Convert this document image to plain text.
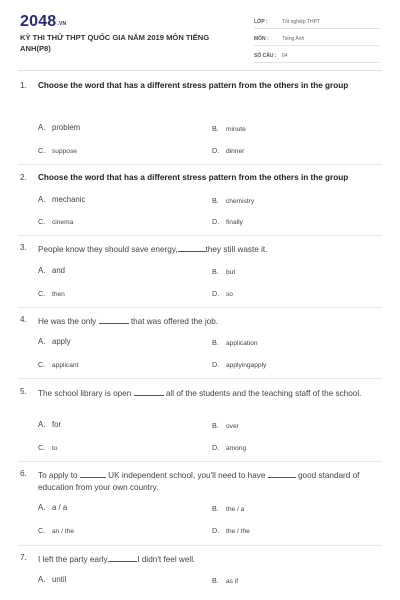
2048.VN
KỲ THI THỬ THPT QUỐC GIA NĂM 2019 MÔN TIẾNG ANH(P8)
LỚP :	Tốt nghiệp THPT
MÔN :	Tiếng Anh
SỐ CÂU :	64
1.	Choose the word that has a different stress pattern from the others in the group
A. problem	B. minute
C. suppose	D. dinner
2.	Choose the word that has a different stress pattern from the others in the group
A. mechanic	B. chemistry
C. cinema	D. finally
3.	People know they should save energy,	they still waste it.
A. and	B. but
C. then	D. so
4.	He was the only	that was offered the job.
A. apply	B. application
C. applicant	D. applyingapply
5.	The school library is open	all of the students and the teaching staff of the school.
A. for	B. over
C. to	D. among
6.	To apply to	UK independent school, you'll need to have	good standard of education from your own country.
A. a / a	B. the / a
C. an / the	D. the / the
7.	I left the party early,	I didn't feel well.
A. until	B. as if
